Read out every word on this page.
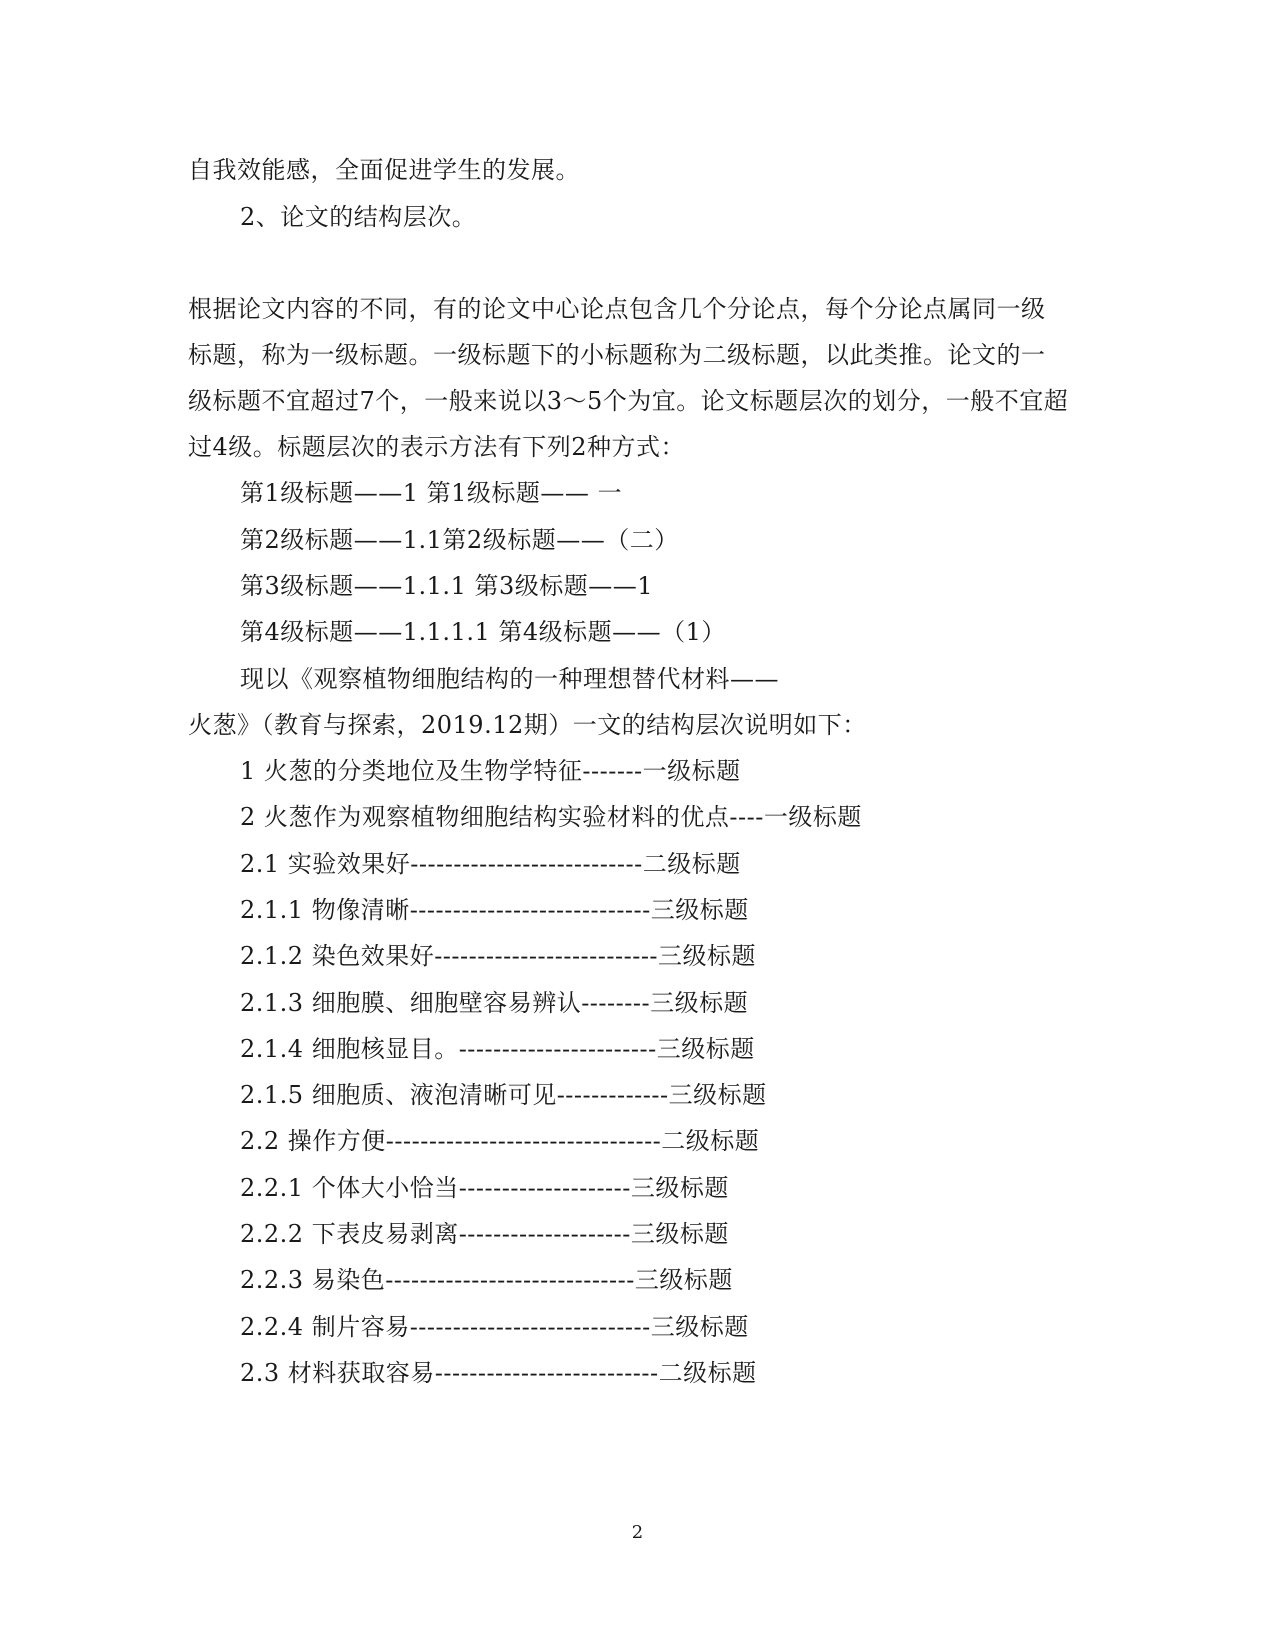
自我效能感，全面促进学生的发展。
2、论文的结构层次。
根据论文内容的不同，有的论文中心论点包含几个分论点，每个分论点属同一级
标题，称为一级标题。一级标题下的小标题称为二级标题，以此类推。论文的一
级标题不宜超过7个，一般来说以3～5个为宜。论文标题层次的划分，一般不宜超
过4级。标题层次的表示方法有下列2种方式：
第1级标题——1 第1级标题—— 一
第2级标题——1.1第2级标题——（二）
第3级标题——1.1.1 第3级标题——1
第4级标题——1.1.1.1 第4级标题——（1）
现以《观察植物细胞结构的一种理想替代材料——
火葱》（教育与探索，2019.12期）一文的结构层次说明如下：
1 火葱的分类地位及生物学特征-------一级标题
2 火葱作为观察植物细胞结构实验材料的优点----一级标题
2.1 实验效果好---------------------------二级标题
2.1.1 物像清晰----------------------------三级标题
2.1.2 染色效果好--------------------------三级标题
2.1.3 细胞膜、细胞壁容易辨认--------三级标题
2.1.4 细胞核显目。-----------------------三级标题
2.1.5 细胞质、液泡清晰可见-------------三级标题
2.2 操作方便--------------------------------二级标题
2.2.1 个体大小恰当--------------------三级标题
2.2.2 下表皮易剥离--------------------三级标题
2.2.3 易染色-----------------------------三级标题
2.2.4 制片容易----------------------------三级标题
2.3 材料获取容易--------------------------二级标题
2
